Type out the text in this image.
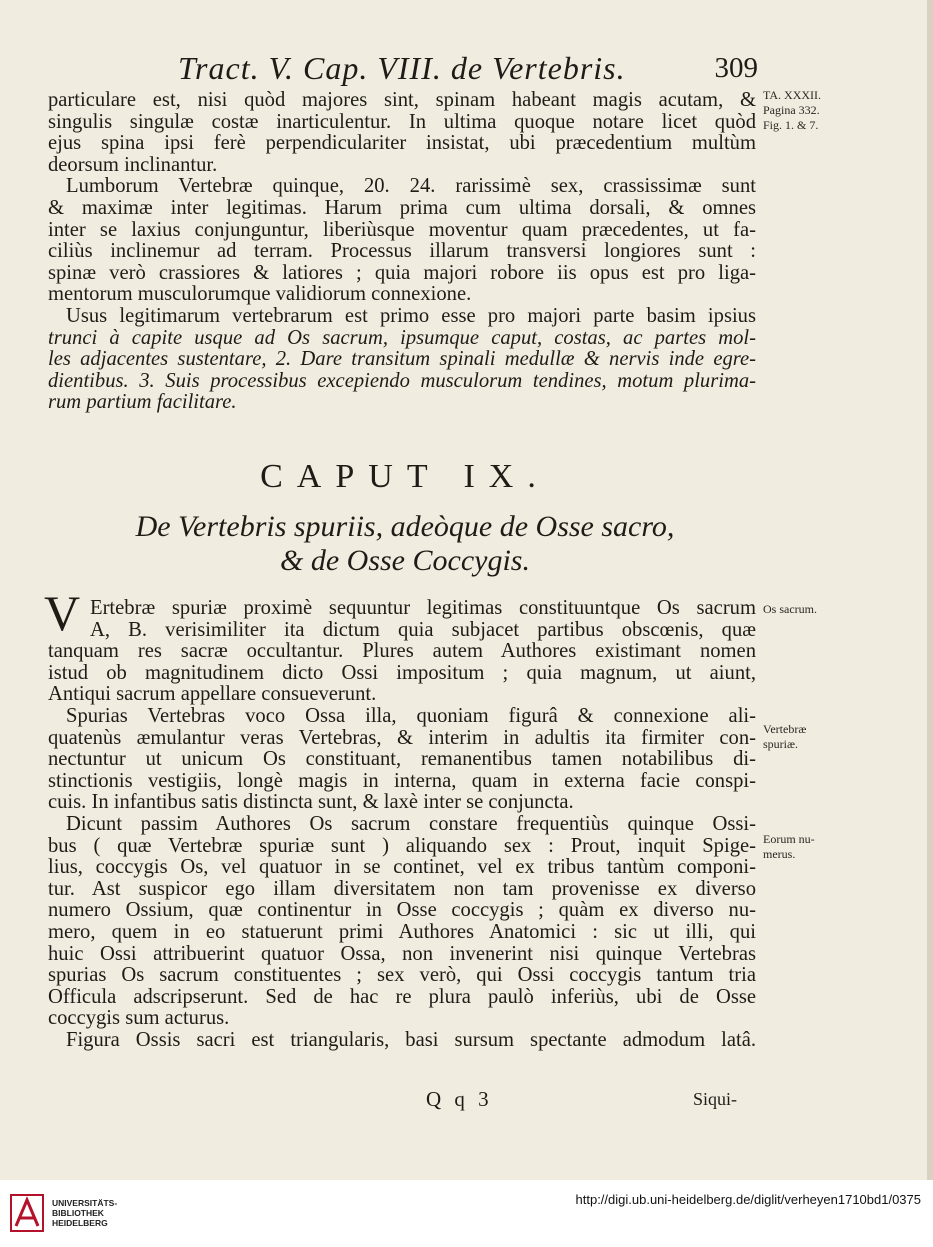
Tract. V. Cap. VIII. de Vertebris.	309
TA. XXXII.
Pagina 332.
Fig. 1. & 7.
particulare est, nisi quòd majores sint, spinam habeant magis acutam, &
singulis singulæ costæ inarticulentur. In ultima quoque notare licet quòd
ejus spina ipsi ferè perpendiculariter insistat, ubi præcedentium multùm
deorsum inclinantur.
Lumborum Vertebræ quinque, 20. 24. rarissimè sex, crassissimæ sunt
& maximæ inter legitimas. Harum prima cum ultima dorsali, & omnes
inter se laxius conjunguntur, liberiùsque moventur quam præcedentes, ut fa-
ciliùs inclinemur ad terram. Processus illarum transversi longiores sunt :
spinæ verò crassiores & latiores ; quia majori robore iis opus est pro liga-
mentorum musculorumque validiorum connexione.
Usus legitimarum vertebrarum est primo esse pro majori parte basim ipsius
trunci à capite usque ad Os sacrum, ipsumque caput, costas, ac partes mol-
les adjacentes sustentare, 2. Dare transitum spinali medullæ & nervis inde egre-
dientibus. 3. Suis processibus excepiendo musculorum tendines, motum plurima-
rum partium facilitare.
CAPUT IX.
De Vertebris spuriis, adeòque de Osse sacro,
& de Osse Coccygis.
V	Os sacrum.
Vertebræ
spuriæ.
Eorum nu-
merus.
Ertebræ spuriæ proximè sequuntur legitimas constituuntque Os sacrum
A, B. verisimiliter ita dictum quia subjacet partibus obscœnis, quæ
tanquam res sacræ occultantur. Plures autem Authores existimant nomen
istud ob magnitudinem dicto Ossi impositum ; quia magnum, ut aiunt,
Antiqui sacrum appellare consueverunt.
Spurias Vertebras voco Ossa illa, quoniam figurâ & connexione ali-
quatenùs æmulantur veras Vertebras, & interim in adultis ita firmiter con-
nectuntur ut unicum Os constituant, remanentibus tamen notabilibus di-
stinctionis vestigiis, longè magis in interna, quam in externa facie conspi-
cuis. In infantibus satis distincta sunt, & laxè inter se conjuncta.
Dicunt passim Authores Os sacrum constare frequentiùs quinque Ossi-
bus ( quæ Vertebræ spuriæ sunt ) aliquando sex : Prout, inquit Spige-
lius, coccygis Os, vel quatuor in se continet, vel ex tribus tantùm componi-
tur. Ast suspicor ego illam diversitatem non tam provenisse ex diverso
numero Ossium, quæ continentur in Osse coccygis ; quàm ex diverso nu-
mero, quem in eo statuerunt primi Authores Anatomici : sic ut illi, qui
huic Ossi attribuerint quatuor Ossa, non invenerint nisi quinque Vertebras
spurias Os sacrum constituentes ; sex verò, qui Ossi coccygis tantum tria
Officula adscripserunt. Sed de hac re plura paulò inferiùs, ubi de Osse
coccygis sum acturus.
Figura Ossis sacri est triangularis, basi sursum spectante admodum latâ.
Q q 3	Siqui-
UNIVERSITÄTS-
BIBLIOTHEK
HEIDELBERG
http://digi.ub.uni-heidelberg.de/diglit/verheyen1710bd1/0375
